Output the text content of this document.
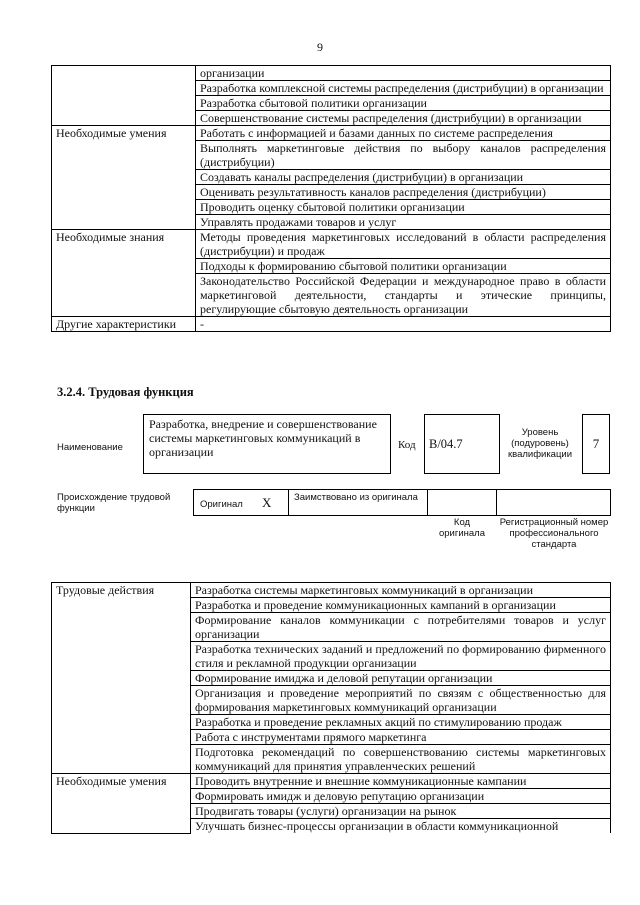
9
	организации
	Разработка комплексной системы распределения (дистрибуции) в организации
	Разработка сбытовой политики организации
	Совершенствование системы распределения (дистрибуции) в организации
Необходимые умения	Работать с информацией и базами данных по системе распределения
	Выполнять маркетинговые действия по выбору каналов распределения (дистрибуции)
	Создавать каналы распределения (дистрибуции) в организации
	Оценивать результативность каналов распределения (дистрибуции)
	Проводить оценку сбытовой политики организации
	Управлять продажами товаров и услуг
Необходимые знания	Методы проведения маркетинговых исследований в области распределения (дистрибуции) и продаж
	Подходы к формированию сбытовой политики организации
	Законодательство Российской Федерации и международное право в области маркетинговой деятельности, стандарты и этические принципы, регулирующие сбытовую деятельность организации
Другие характеристики	-
3.2.4. Трудовая функция
Наименование
Разработка, внедрение и совершенствование системы маркетинговых коммуникаций в организации	Код	B/04.7
Уровень (подуровень) квалификации
7
Происхождение трудовой функции	Оригинал X Заимствовано из оригинала
Код оригинала
Регистрационный номер профессионального стандарта
Трудовые действия	Разработка системы маркетинговых коммуникаций в организации
	Разработка и проведение коммуникационных кампаний в организации
	Формирование каналов коммуникации с потребителями товаров и услуг организации
	Разработка технических заданий и предложений по формированию фирменного стиля и рекламной продукции организации
	Формирование имиджа и деловой репутации организации
	Организация и проведение мероприятий по связям с общественностью для формирования маркетинговых коммуникаций организации
	Разработка и проведение рекламных акций по стимулированию продаж
	Работа с инструментами прямого маркетинга
	Подготовка рекомендаций по совершенствованию системы маркетинговых коммуникаций для принятия управленческих решений
Необходимые умения	Проводить внутренние и внешние коммуникационные кампании
	Формировать имидж и деловую репутацию организации
	Продвигать товары (услуги) организации на рынок
	Улучшать бизнес-процессы организации в области коммуникационной
